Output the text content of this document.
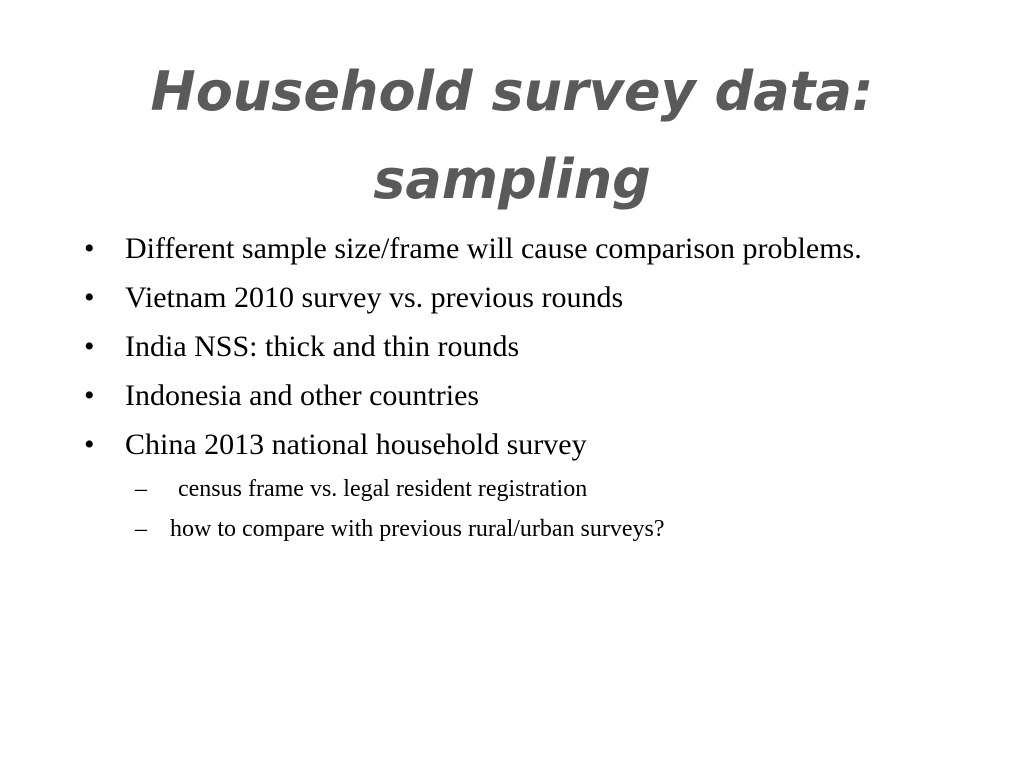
Household survey data:
sampling
•	Different sample size/frame will cause comparison problems.
•	Vietnam 2010 survey vs. previous rounds
•	India NSS: thick and thin rounds
•	Indonesia and other countries
•	China 2013 national household survey
–	census frame vs. legal resident registration
– how to compare with previous rural/urban surveys?
